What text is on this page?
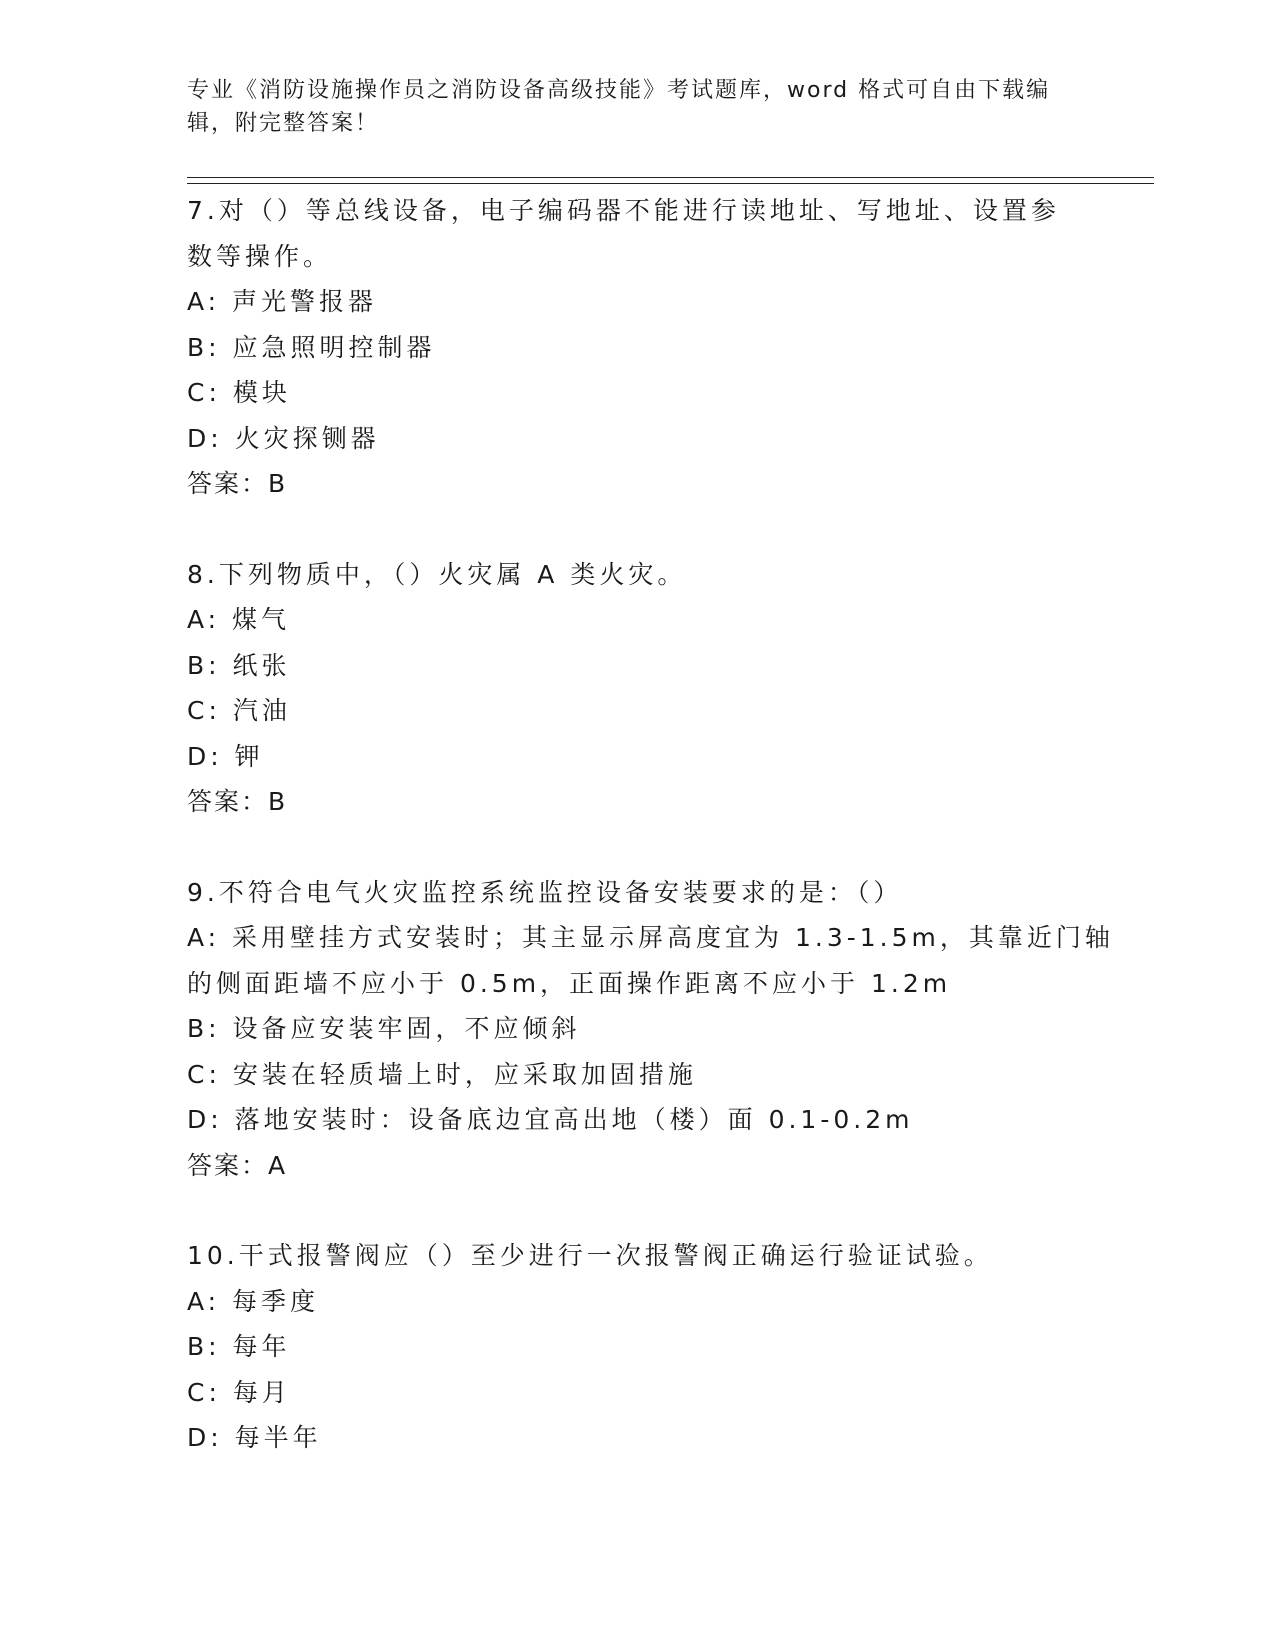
专业《消防设施操作员之消防设备高级技能》考试题库，word 格式可自由下载编
辑，附完整答案！

7.对（）等总线设备，电子编码器不能进行读地址、写地址、设置参

数等操作。

A: 声光警报器

B: 应急照明控制器

C: 模块

D: 火灾探铡器

答案：B

8.下列物质中，（）火灾属 A 类火灾。

A: 煤气

B: 纸张

C: 汽油

D: 钾

答案：B

9.不符合电气火灾监控系统监控设备安装要求的是：（）

A: 采用壁挂方式安装时；其主显示屏高度宜为 1.3-1.5m，其靠近门轴

的侧面距墙不应小于 0.5m，正面操作距离不应小于 1.2m

B: 设备应安装牢固，不应倾斜

C: 安装在轻质墙上时，应采取加固措施

D: 落地安装时：设备底边宜高出地（楼）面 0.1-0.2m

答案：A

10.干式报警阀应（）至少进行一次报警阀正确运行验证试验。

A: 每季度

B: 每年

C: 每月

D: 每半年
